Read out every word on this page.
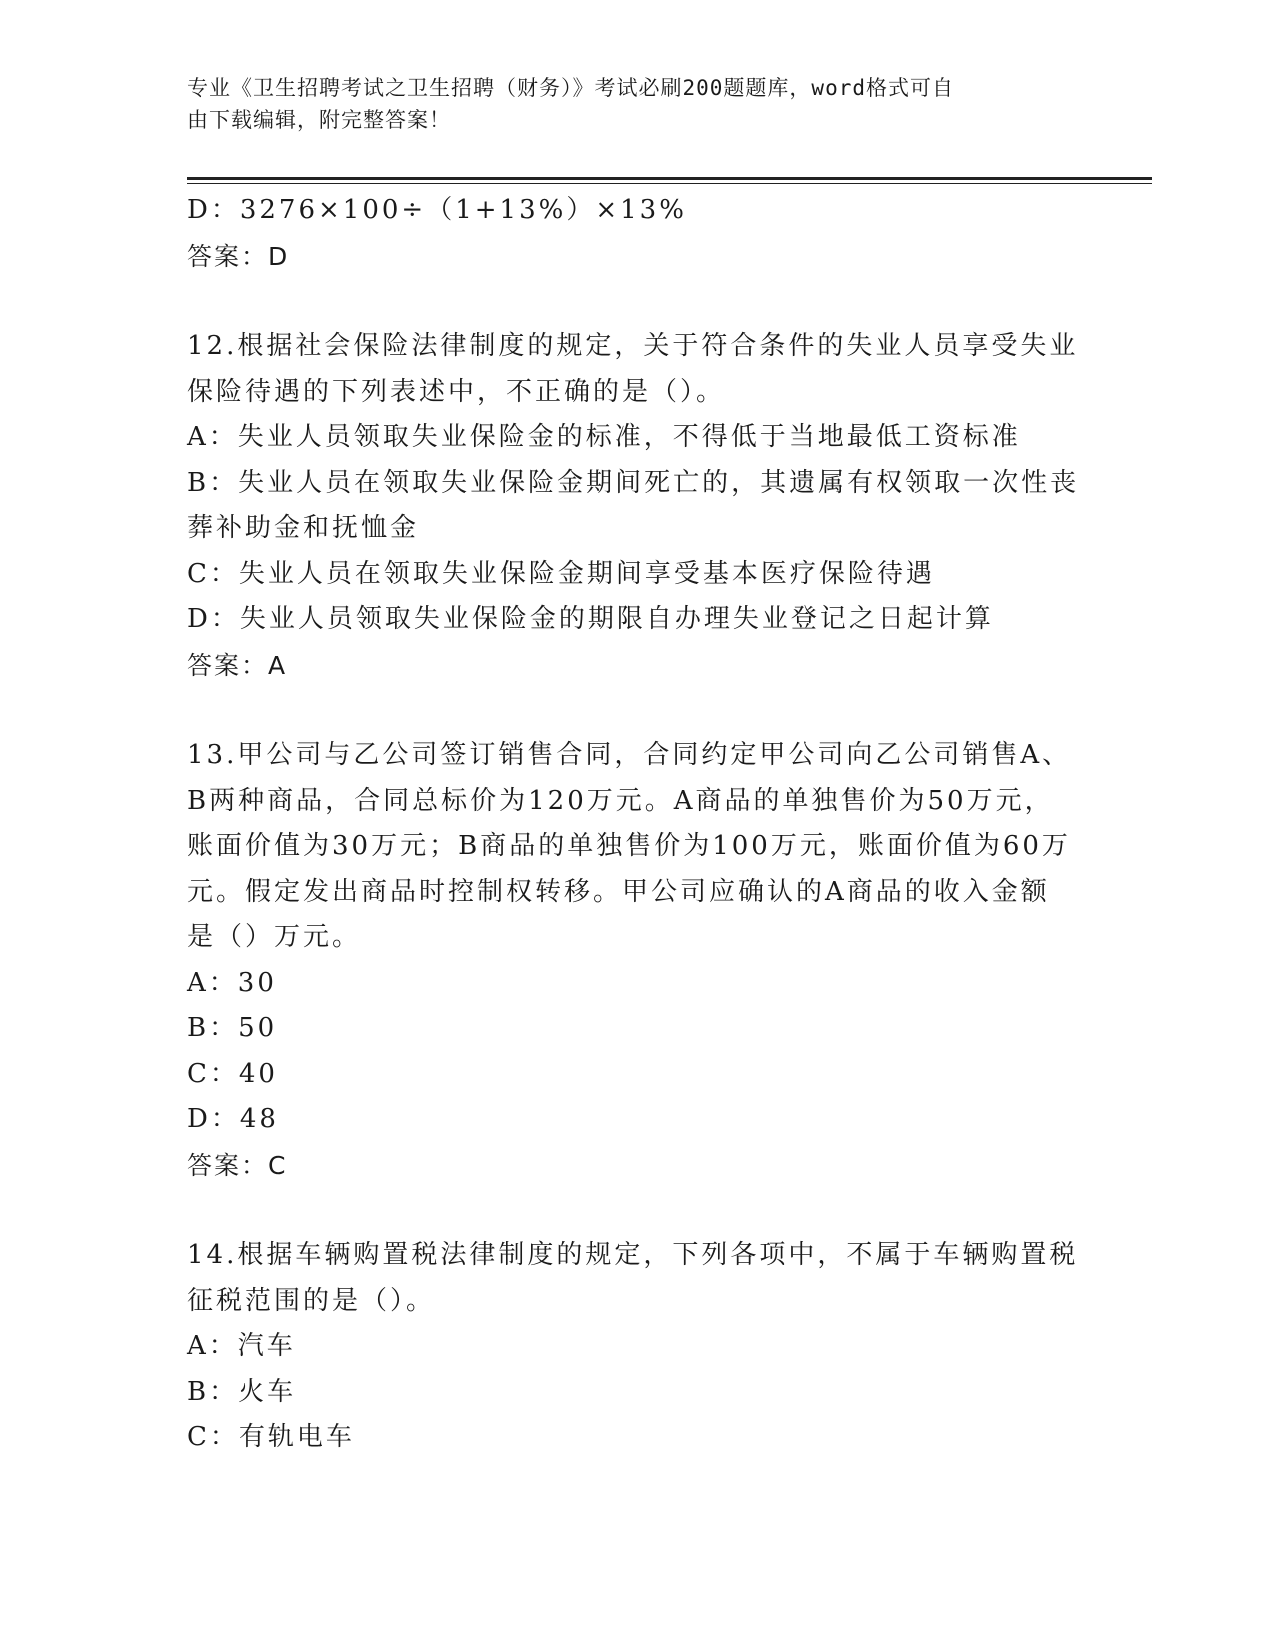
专业《卫生招聘考试之卫生招聘（财务）》考试必刷200题题库，word格式可自
由下载编辑，附完整答案！
D：3276×100÷（1+13%）×13%
答案：D
12.根据社会保险法律制度的规定，关于符合条件的失业人员享受失业
保险待遇的下列表述中，不正确的是（）。
A：失业人员领取失业保险金的标准，不得低于当地最低工资标准
B：失业人员在领取失业保险金期间死亡的，其遗属有权领取一次性丧
葬补助金和抚恤金
C：失业人员在领取失业保险金期间享受基本医疗保险待遇
D：失业人员领取失业保险金的期限自办理失业登记之日起计算
答案：A
13.甲公司与乙公司签订销售合同，合同约定甲公司向乙公司销售A、
B两种商品，合同总标价为120万元。A商品的单独售价为50万元，
账面价值为30万元；B商品的单独售价为100万元，账面价值为60万
元。假定发出商品时控制权转移。甲公司应确认的A商品的收入金额
是（）万元。
A：30
B：50
C：40
D：48
答案：C
14.根据车辆购置税法律制度的规定，下列各项中，不属于车辆购置税
征税范围的是（）。
A：汽车
B：火车
C：有轨电车
